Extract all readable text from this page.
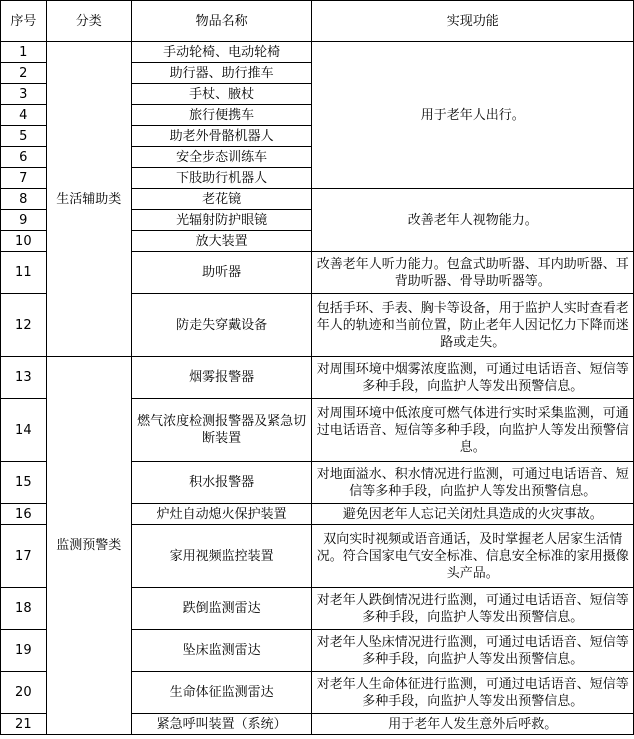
序号	分类	物品名称	实现功能
1	生活辅助类	手动轮椅、电动轮椅	用于老年人出行。
2		助行器、助行推车	
3		手杖、腋杖	
4		旅行便携车	
5		助老外骨骼机器人	
6		安全步态训练车	
7		下肢助行机器人	
8		老花镜	改善老年人视物能力。
9		光辐射防护眼镜	
10		放大装置	
11		助听器	改善老年人听力能力。包盒式助听器、耳内助听器、耳背助听器、骨导助听器等。
12		防走失穿戴设备	包括手环、手表、胸卡等设备，用于监护人实时查看老年人的轨迹和当前位置，防止老年人因记忆力下降而迷路或走失。
13	监测预警类	烟雾报警器	对周围环境中烟雾浓度监测，可通过电话语音、短信等多种手段，向监护人等发出预警信息。
14		燃气浓度检测报警器及紧急切断装置	对周围环境中低浓度可燃气体进行实时采集监测，可通过电话语音、短信等多种手段，向监护人等发出预警信息。
15		积水报警器	对地面溢水、积水情况进行监测，可通过电话语音、短信等多种手段，向监护人等发出预警信息。
16		炉灶自动熄火保护装置	避免因老年人忘记关闭灶具造成的火灾事故。
17		家用视频监控装置	双向实时视频或语音通话，及时掌握老人居家生活情况。符合国家电气安全标准、信息安全标准的家用摄像头产品。
18		跌倒监测雷达	对老年人跌倒情况进行监测，可通过电话语音、短信等多种手段，向监护人等发出预警信息。
19		坠床监测雷达	对老年人坠床情况进行监测，可通过电话语音、短信等多种手段，向监护人等发出预警信息。
20		生命体征监测雷达	对老年人生命体征进行监测，可通过电话语音、短信等多种手段，向监护人等发出预警信息。
21		紧急呼叫装置（系统）	用于老年人发生意外后呼救。
